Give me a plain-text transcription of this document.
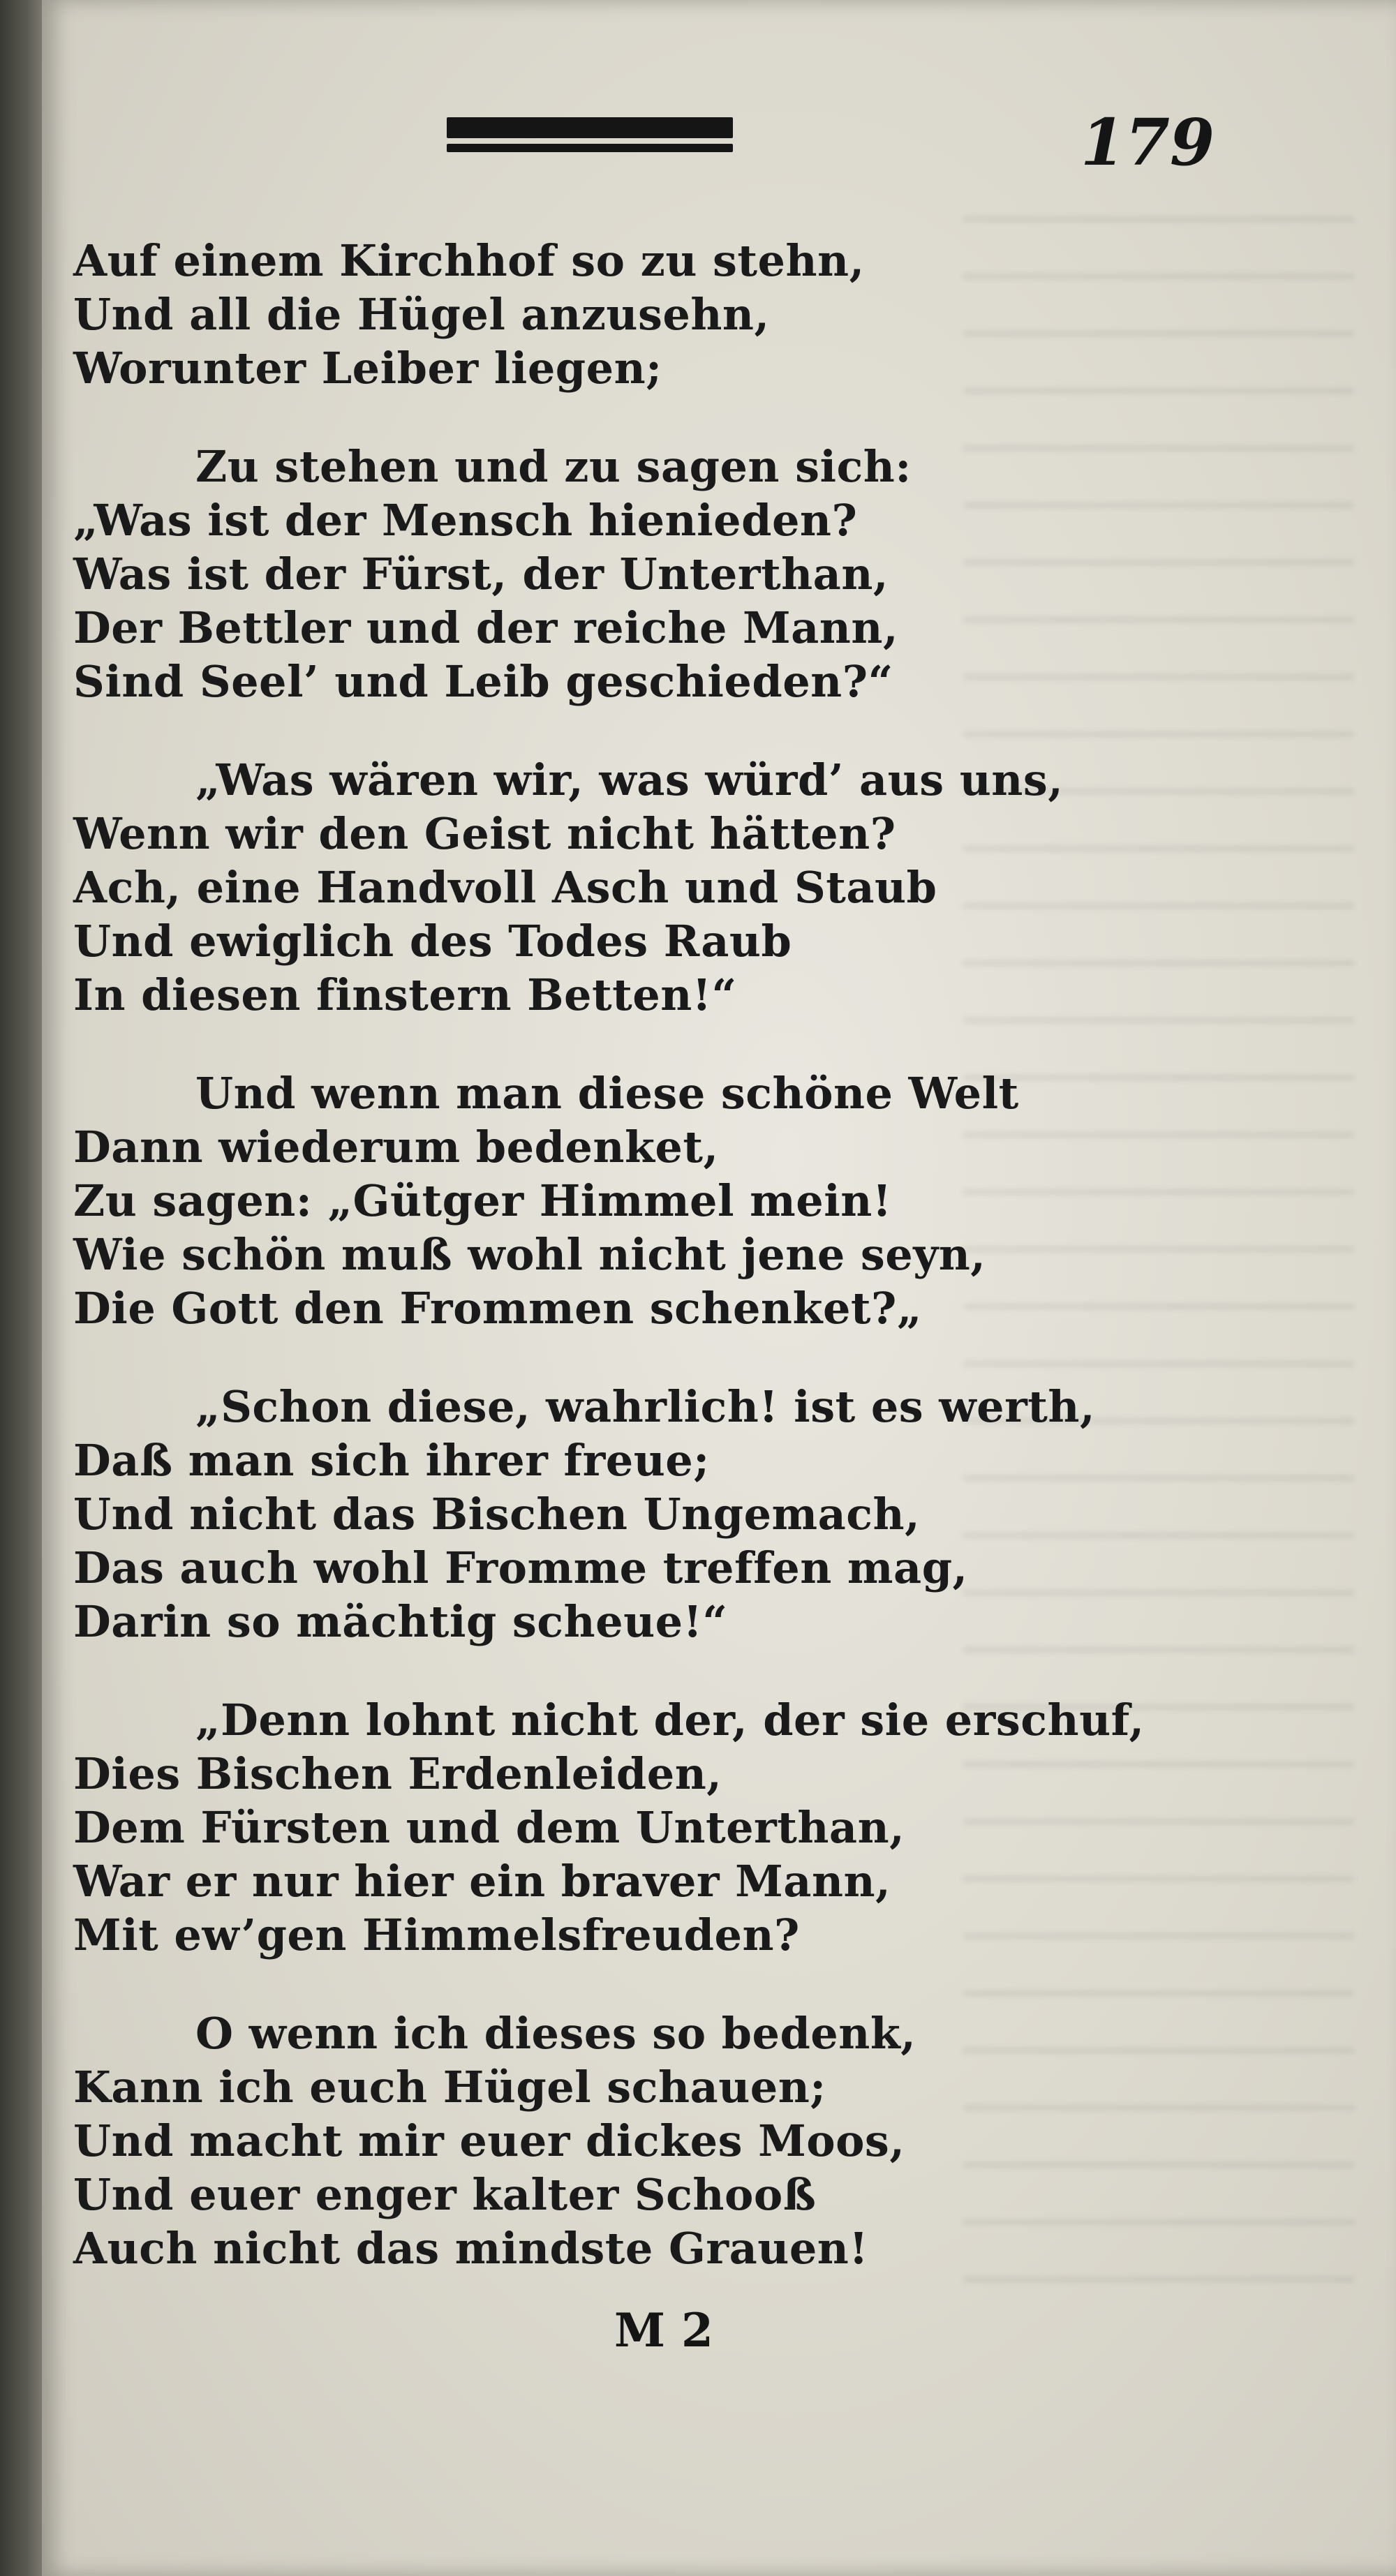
179
Auf einem Kirchhof so zu stehn,
Und all die Hügel anzusehn,
Worunter Leiber liegen;
Zu stehen und zu sagen sich:
„Was ist der Mensch hienieden?
Was ist der Fürst, der Unterthan,
Der Bettler und der reiche Mann,
Sind Seel’ und Leib geschieden?“
„Was wären wir, was würd’ aus uns,
Wenn wir den Geist nicht hätten?
Ach, eine Handvoll Asch und Staub
Und ewiglich des Todes Raub
In diesen finstern Betten!“
Und wenn man diese schöne Welt
Dann wiederum bedenket,
Zu sagen: „Gütger Himmel mein!
Wie schön muß wohl nicht jene seyn,
Die Gott den Frommen schenket?„
„Schon diese, wahrlich! ist es werth,
Daß man sich ihrer freue;
Und nicht das Bischen Ungemach,
Das auch wohl Fromme treffen mag,
Darin so mächtig scheue!“
„Denn lohnt nicht der, der sie erschuf,
Dies Bischen Erdenleiden,
Dem Fürsten und dem Unterthan,
War er nur hier ein braver Mann,
Mit ew’gen Himmelsfreuden?
O wenn ich dieses so bedenk,
Kann ich euch Hügel schauen;
Und macht mir euer dickes Moos,
Und euer enger kalter Schooß
Auch nicht das mindste Grauen!
M 2
